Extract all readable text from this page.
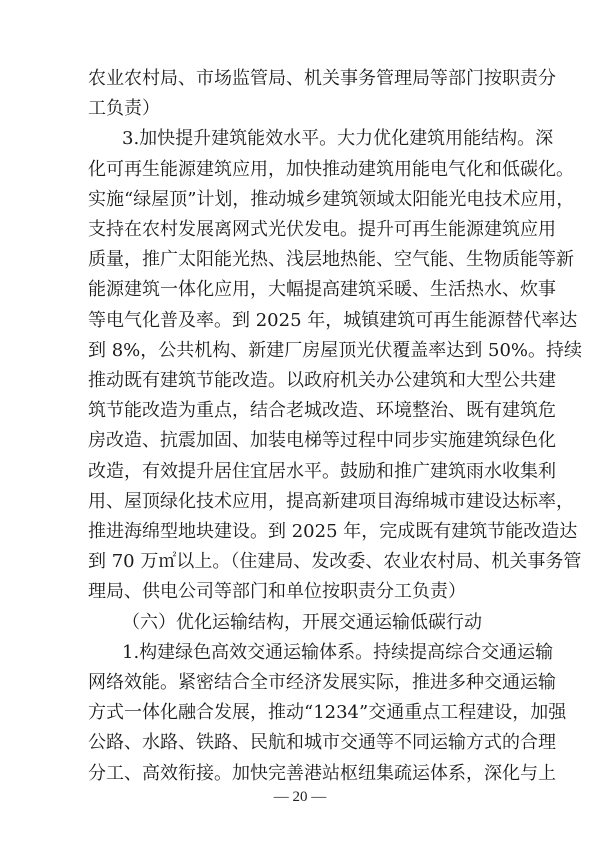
农业农村局、市场监管局、机关事务管理局等部门按职责分
工负责）
3.加快提升建筑能效水平。大力优化建筑用能结构。深
化可再生能源建筑应用，加快推动建筑用能电气化和低碳化。
实施“绿屋顶”计划，推动城乡建筑领域太阳能光电技术应用，
支持在农村发展离网式光伏发电。提升可再生能源建筑应用
质量，推广太阳能光热、浅层地热能、空气能、生物质能等新
能源建筑一体化应用，大幅提高建筑采暖、生活热水、炊事
等电气化普及率。到 2025 年，城镇建筑可再生能源替代率达
到 8%，公共机构、新建厂房屋顶光伏覆盖率达到 50%。持续
推动既有建筑节能改造。以政府机关办公建筑和大型公共建
筑节能改造为重点，结合老城改造、环境整治、既有建筑危
房改造、抗震加固、加装电梯等过程中同步实施建筑绿色化
改造，有效提升居住宜居水平。鼓励和推广建筑雨水收集利
用、屋顶绿化技术应用，提高新建项目海绵城市建设达标率，
推进海绵型地块建设。到 2025 年，完成既有建筑节能改造达
到 70 万㎡以上。（住建局、发改委、农业农村局、机关事务管
理局、供电公司等部门和单位按职责分工负责）
（六）优化运输结构，开展交通运输低碳行动
1.构建绿色高效交通运输体系。持续提高综合交通运输
网络效能。紧密结合全市经济发展实际，推进多种交通运输
方式一体化融合发展，推动“1234”交通重点工程建设，加强
公路、水路、铁路、民航和城市交通等不同运输方式的合理
分工、高效衔接。加快完善港站枢纽集疏运体系，深化与上
— 20 —
